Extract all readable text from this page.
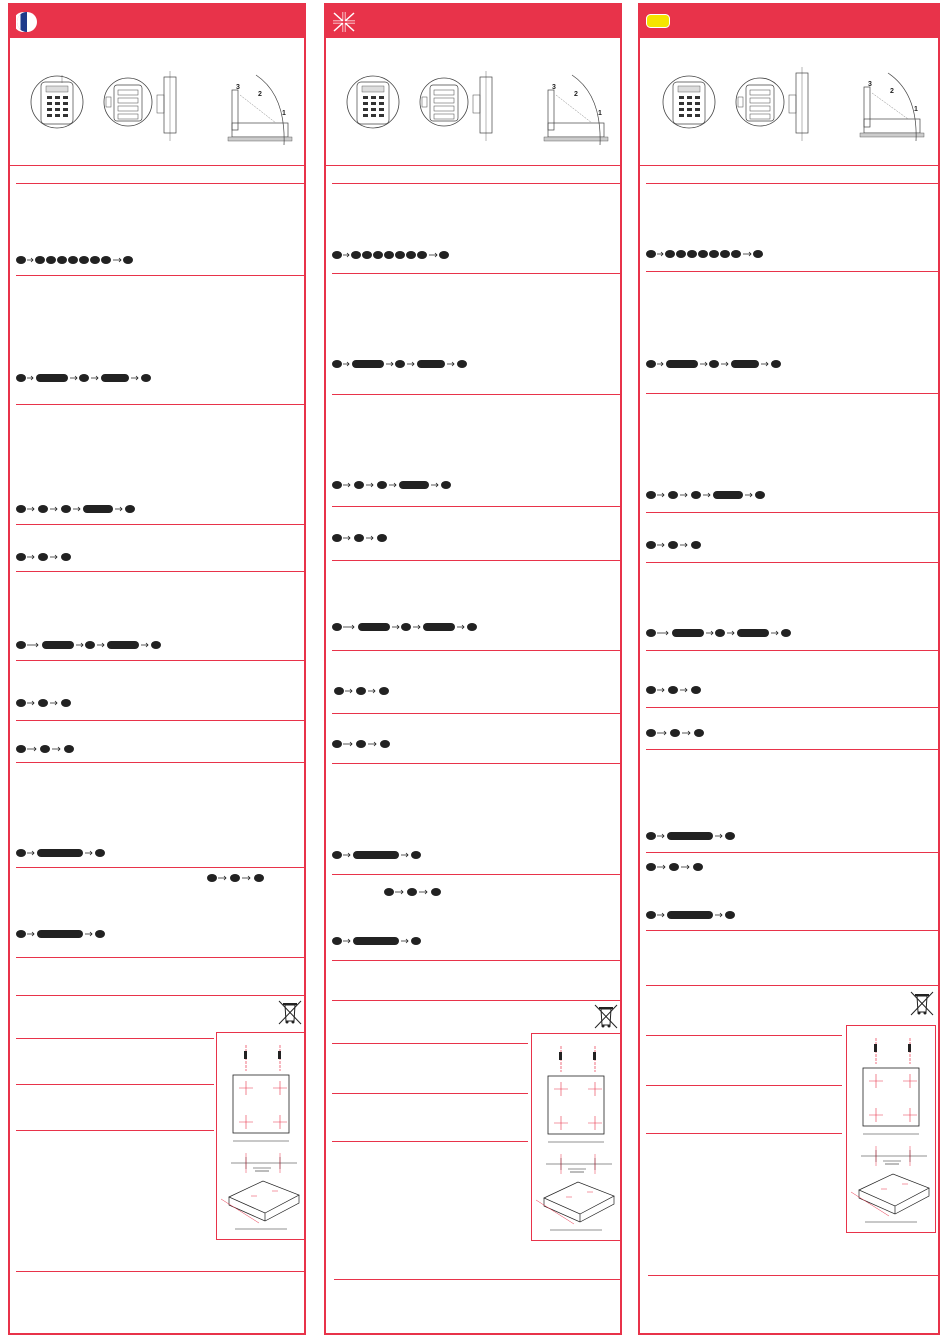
3
2
1
3
2
1
3
2
1
